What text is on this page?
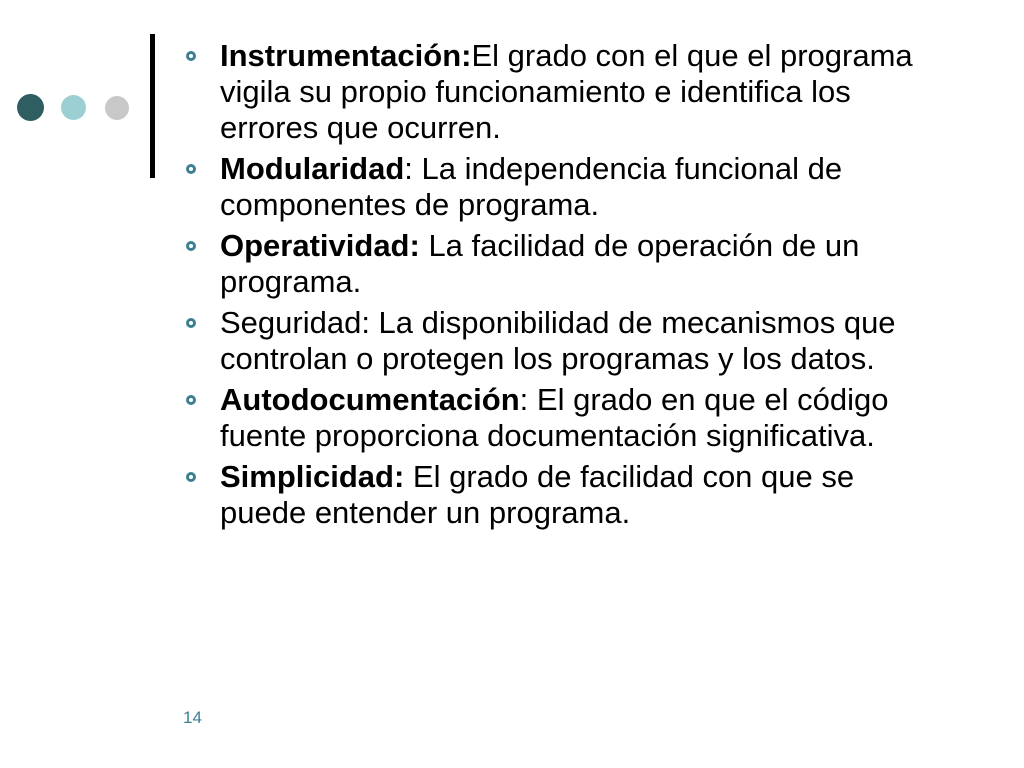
Instrumentación:El grado con el que el programa vigila su propio funcionamiento e identifica los errores que ocurren.
Modularidad: La independencia funcional de componentes de programa.
Operatividad: La facilidad de operación de un programa.
Seguridad: La disponibilidad de mecanismos que controlan o protegen los programas y los datos.
Autodocumentación: El grado en que el código fuente proporciona documentación significativa.
Simplicidad: El grado de facilidad con que se puede entender un programa.
14
